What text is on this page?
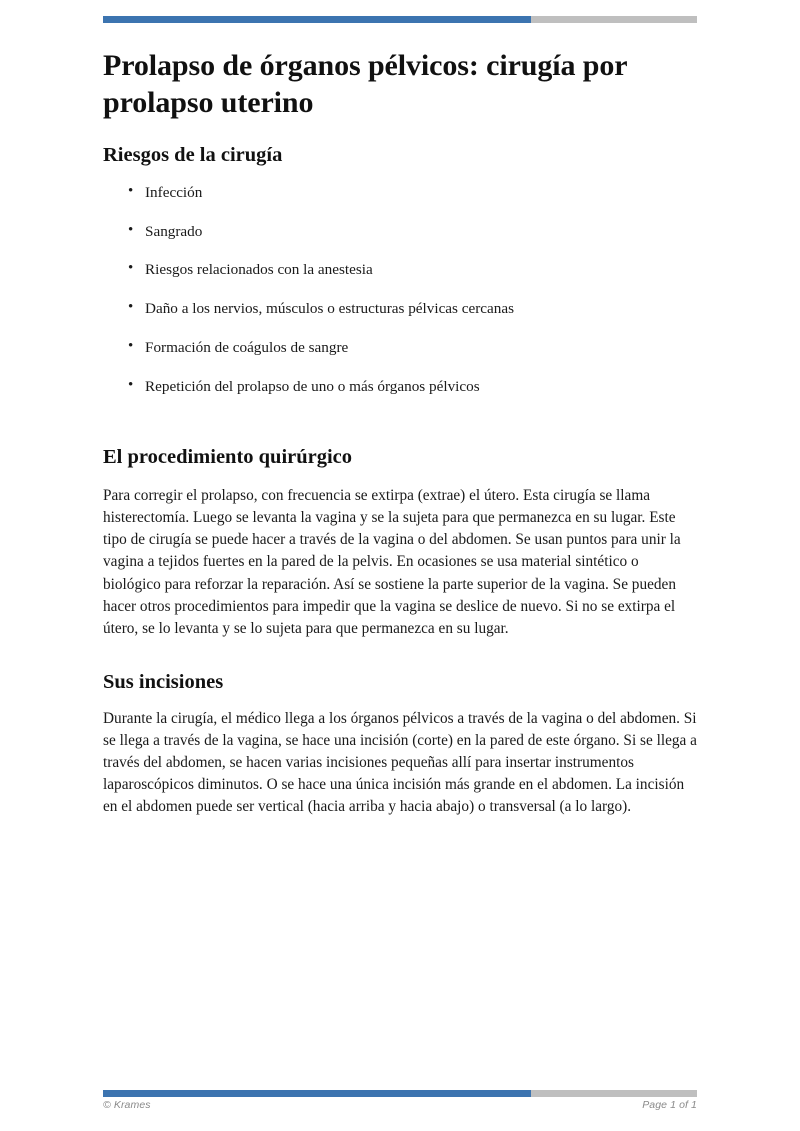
Prolapso de órganos pélvicos: cirugía por prolapso uterino
Riesgos de la cirugía
• Infección
• Sangrado
• Riesgos relacionados con la anestesia
• Daño a los nervios, músculos o estructuras pélvicas cercanas
• Formación de coágulos de sangre
• Repetición del prolapso de uno o más órganos pélvicos
El procedimiento quirúrgico

Para corregir el prolapso, con frecuencia se extirpa (extrae) el útero. Esta cirugía se llama histerectomía. Luego se levanta la vagina y se la sujeta para que permanezca en su lugar. Este tipo de cirugía se puede hacer a través de la vagina o del abdomen. Se usan puntos para unir la vagina a tejidos fuertes en la pared de la pelvis. En ocasiones se usa material sintético o biológico para reforzar la reparación. Así se sostiene la parte superior de la vagina. Se pueden hacer otros procedimientos para impedir que la vagina se deslice de nuevo. Si no se extirpa el útero, se lo levanta y se lo sujeta para que permanezca en su lugar.

Sus incisiones

Durante la cirugía, el médico llega a los órganos pélvicos a través de la vagina o del abdomen. Si se llega a través de la vagina, se hace una incisión (corte) en la pared de este órgano. Si se llega a través del abdomen, se hacen varias incisiones pequeñas allí para insertar instrumentos laparoscópicos diminutos. O se hace una única incisión más grande en el abdomen. La incisión en el abdomen puede ser vertical (hacia arriba y hacia abajo) o transversal (a lo largo).

© Krames	Page 1 of 1
